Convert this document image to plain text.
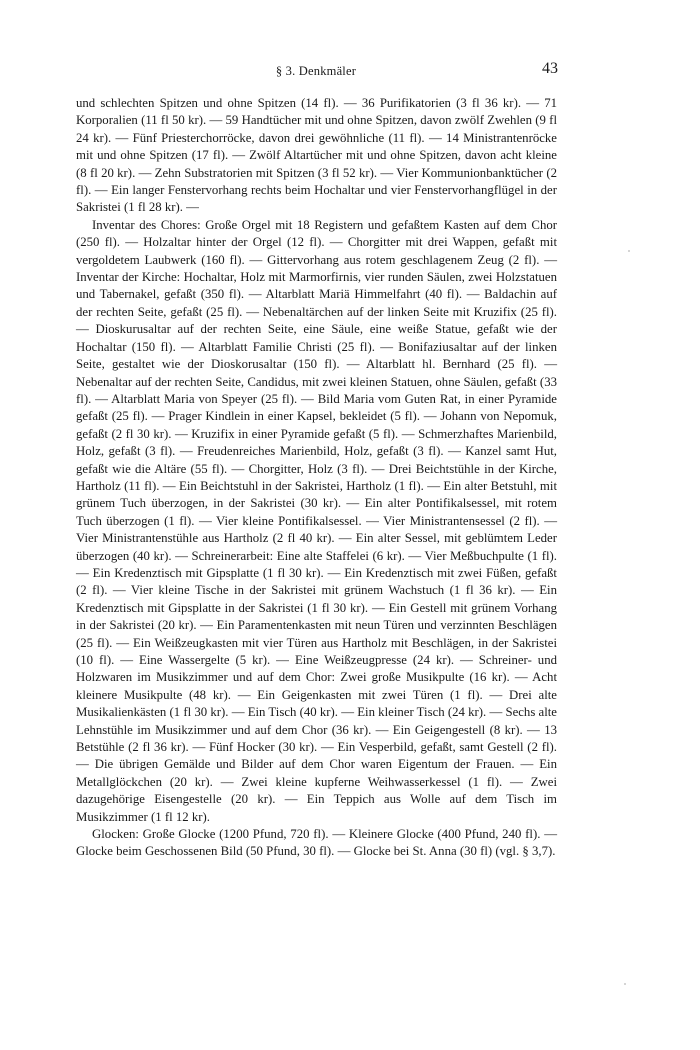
§ 3. Denkmäler	43

und schlechten Spitzen und ohne Spitzen (14 fl). — 36 Purifikatorien (3 fl 36 kr). — 71 Korporalien (11 fl 50 kr). — 59 Handtücher mit und ohne Spitzen, davon zwölf Zwehlen (9 fl 24 kr). — Fünf Priesterchorröcke, davon drei gewöhnliche (11 fl). — 14 Ministrantenröcke mit und ohne Spitzen (17 fl). — Zwölf Altartücher mit und ohne Spitzen, davon acht kleine (8 fl 20 kr). — Zehn Substratorien mit Spitzen (3 fl 52 kr). — Vier Kommunionbanktücher (2 fl). — Ein langer Fenstervorhang rechts beim Hochaltar und vier Fenstervorhangflügel in der Sakristei (1 fl 28 kr). —

Inventar des Chores: Große Orgel mit 18 Registern und gefaßtem Kasten auf dem Chor (250 fl). — Holzaltar hinter der Orgel (12 fl). — Chorgitter mit drei Wappen, gefaßt mit vergoldetem Laubwerk (160 fl). — Gittervorhang aus rotem geschlagenem Zeug (2 fl). — Inventar der Kirche: Hochaltar, Holz mit Marmorfirnis, vier runden Säulen, zwei Holzstatuen und Tabernakel, gefaßt (350 fl). — Altarblatt Mariä Himmelfahrt (40 fl). — Baldachin auf der rechten Seite, gefaßt (25 fl). — Nebenaltärchen auf der linken Seite mit Kruzifix (25 fl). — Dioskurusaltar auf der rechten Seite, eine Säule, eine weiße Statue, gefaßt wie der Hochaltar (150 fl). — Altarblatt Familie Christi (25 fl). — Bonifaziusaltar auf der linken Seite, gestaltet wie der Dioskorusaltar (150 fl). — Altarblatt hl. Bernhard (25 fl). — Nebenaltar auf der rechten Seite, Candidus, mit zwei kleinen Statuen, ohne Säulen, gefaßt (33 fl). — Altarblatt Maria von Speyer (25 fl). — Bild Maria vom Guten Rat, in einer Pyramide gefaßt (25 fl). — Prager Kindlein in einer Kapsel, bekleidet (5 fl). — Johann von Nepomuk, gefaßt (2 fl 30 kr). — Kruzifix in einer Pyramide gefaßt (5 fl). — Schmerzhaftes Marienbild, Holz, gefaßt (3 fl). — Freudenreiches Marienbild, Holz, gefaßt (3 fl). — Kanzel samt Hut, gefaßt wie die Altäre (55 fl). — Chorgitter, Holz (3 fl). — Drei Beichtstühle in der Kirche, Hartholz (11 fl). — Ein Beichtstuhl in der Sakristei, Hartholz (1 fl). — Ein alter Betstuhl, mit grünem Tuch überzogen, in der Sakristei (30 kr). — Ein alter Pontifikalsessel, mit rotem Tuch überzogen (1 fl). — Vier kleine Pontifikalsessel. — Vier Ministrantensessel (2 fl). — Vier Ministrantenstühle aus Hartholz (2 fl 40 kr). — Ein alter Sessel, mit geblümtem Leder überzogen (40 kr). — Schreinerarbeit: Eine alte Staffelei (6 kr). — Vier Meßbuchpulte (1 fl). — Ein Kredenztisch mit Gipsplatte (1 fl 30 kr). — Ein Kredenztisch mit zwei Füßen, gefaßt (2 fl). — Vier kleine Tische in der Sakristei mit grünem Wachstuch (1 fl 36 kr). — Ein Kredenztisch mit Gipsplatte in der Sakristei (1 fl 30 kr). — Ein Gestell mit grünem Vorhang in der Sakristei (20 kr). — Ein Paramentenkasten mit neun Türen und verzinnten Beschlägen (25 fl). — Ein Weißzeugkasten mit vier Türen aus Hartholz mit Beschlägen, in der Sakristei (10 fl). — Eine Wassergelte (5 kr). — Eine Weißzeugpresse (24 kr). — Schreiner- und Holzwaren im Musikzimmer und auf dem Chor: Zwei große Musikpulte (16 kr). — Acht kleinere Musikpulte (48 kr). — Ein Geigenkasten mit zwei Türen (1 fl). — Drei alte Musikalienkästen (1 fl 30 kr). — Ein Tisch (40 kr). — Ein kleiner Tisch (24 kr). — Sechs alte Lehnstühle im Musikzimmer und auf dem Chor (36 kr). — Ein Geigengestell (8 kr). — 13 Betstühle (2 fl 36 kr). — Fünf Hocker (30 kr). — Ein Vesperbild, gefaßt, samt Gestell (2 fl). — Die übrigen Gemälde und Bilder auf dem Chor waren Eigentum der Frauen. — Ein Metallglöckchen (20 kr). — Zwei kleine kupferne Weihwasserkessel (1 fl). — Zwei dazugehörige Eisengestelle (20 kr). — Ein Teppich aus Wolle auf dem Tisch im Musikzimmer (1 fl 12 kr).

Glocken: Große Glocke (1200 Pfund, 720 fl). — Kleinere Glocke (400 Pfund, 240 fl). — Glocke beim Geschossenen Bild (50 Pfund, 30 fl). — Glocke bei St. Anna (30 fl) (vgl. § 3,7).
